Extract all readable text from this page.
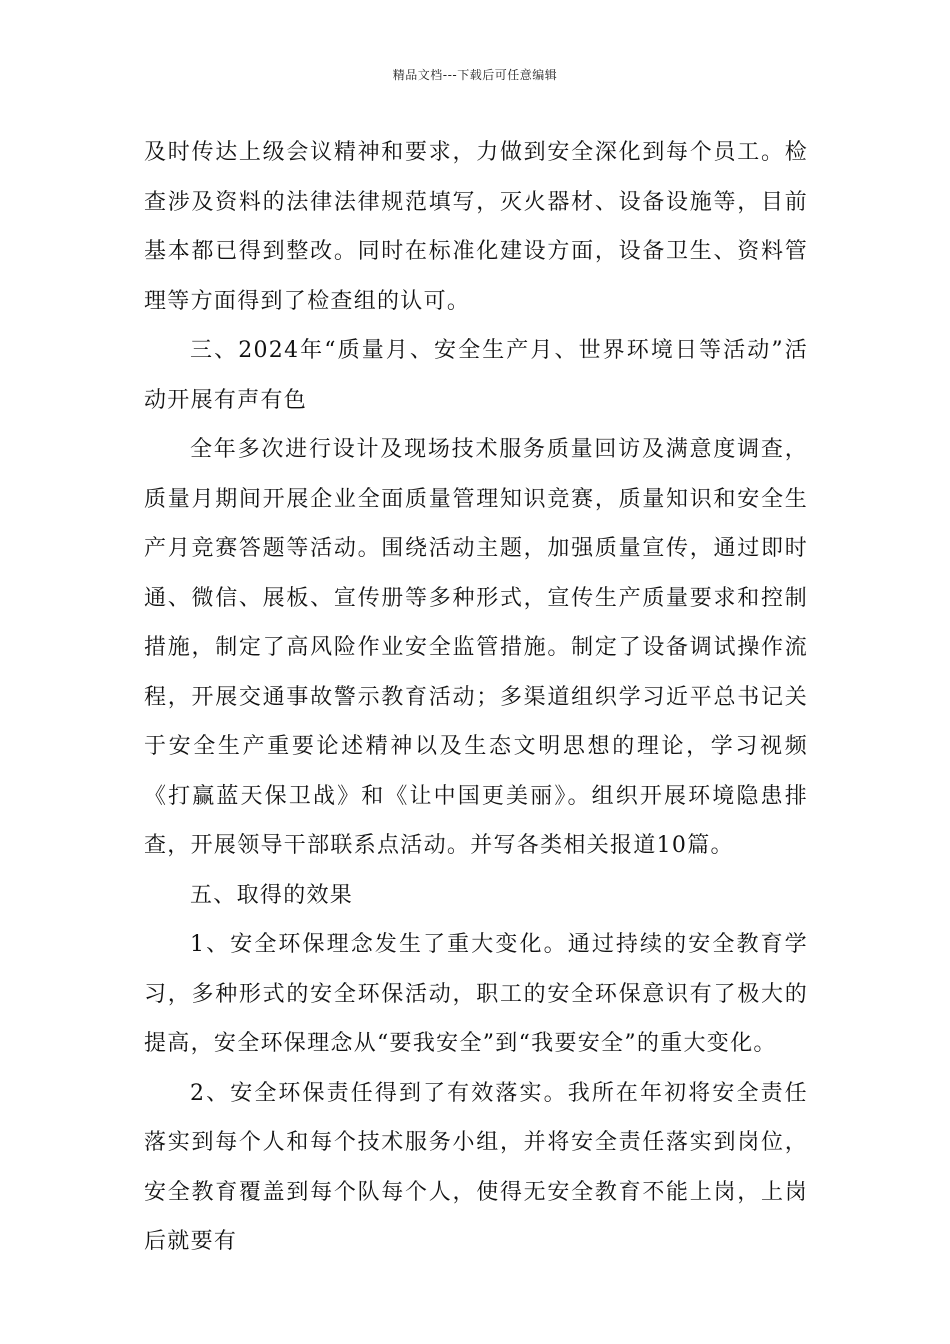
精品文档---下载后可任意编辑

及时传达上级会议精神和要求，力做到安全深化到每个员工。检查涉及资料的法律法律规范填写，灭火器材、设备设施等，目前基本都已得到整改。同时在标准化建设方面，设备卫生、资料管理等方面得到了检查组的认可。

三、2024年“质量月、安全生产月、世界环境日等活动”活动开展有声有色

全年多次进行设计及现场技术服务质量回访及满意度调查，质量月期间开展企业全面质量管理知识竞赛，质量知识和安全生产月竞赛答题等活动。围绕活动主题，加强质量宣传，通过即时通、微信、展板、宣传册等多种形式，宣传生产质量要求和控制措施，制定了高风险作业安全监管措施。制定了设备调试操作流程，开展交通事故警示教育活动；多渠道组织学习近平总书记关于安全生产重要论述精神以及生态文明思想的理论，学习视频《打赢蓝天保卫战》和《让中国更美丽》。组织开展环境隐患排查，开展领导干部联系点活动。并写各类相关报道10篇。

五、取得的效果

1、安全环保理念发生了重大变化。通过持续的安全教育学习，多种形式的安全环保活动，职工的安全环保意识有了极大的提高，安全环保理念从“要我安全”到“我要安全”的重大变化。

2、安全环保责任得到了有效落实。我所在年初将安全责任落实到每个人和每个技术服务小组，并将安全责任落实到岗位，安全教育覆盖到每个队每个人，使得无安全教育不能上岗，上岗后就要有
